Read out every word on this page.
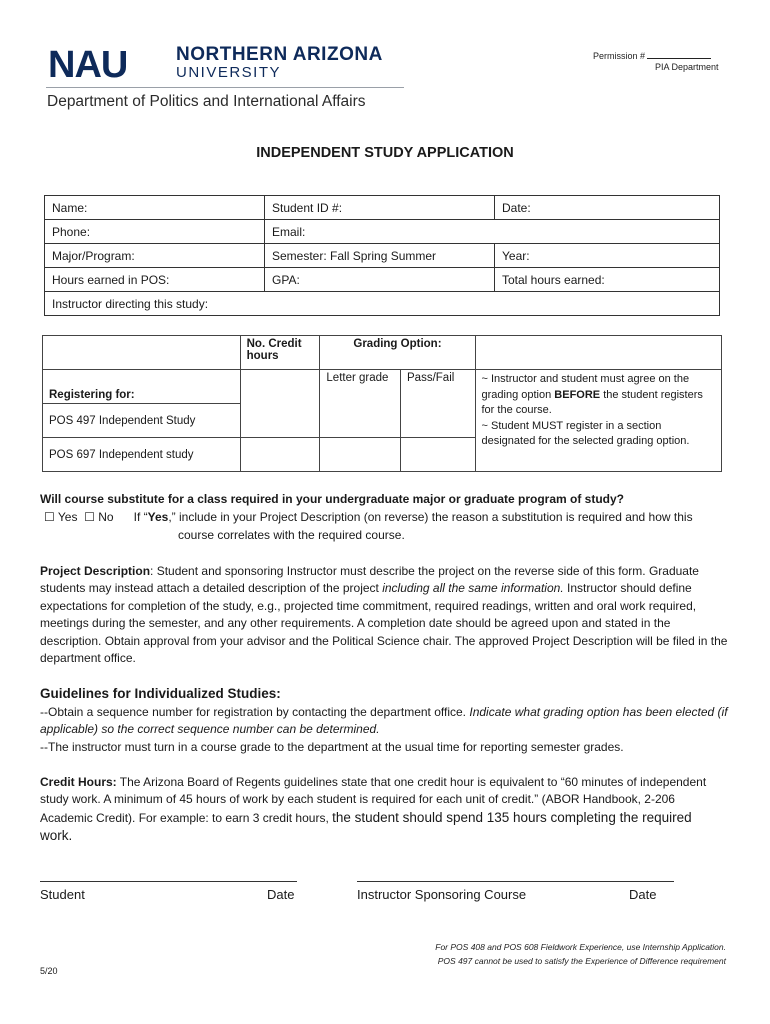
NAU	NORTHERN ARIZONA
UNIVERSITY
Department of Politics and International Affairs
Permission #
PIA Department
INDEPENDENT STUDY APPLICATION
Name:	Student ID #:	Date:
Phone:	Email:	
Major/Program:	Semester: Fall Spring Summer	Year:
Hours earned in POS:	GPA:	Total hours earned:
Instructor directing this study:		
	No. Credit hours	Grading Option:		
Registering for:		Letter grade	Pass/Fail	~ Instructor and student must agree on the grading option BEFORE the student registers for the course.
~ Student MUST register in a section designated for the selected grading option.
POS 497 Independent Study				
POS 697 Independent study				
Will course substitute for a class required in your undergraduate major or graduate program of study?
☐ Yes ☐ No If “Yes,” include in your Project Description (on reverse) the reason a substitution is required and how this
course correlates with the required course.
Project Description: Student and sponsoring Instructor must describe the project on the reverse side of this form. Graduate students may instead attach a detailed description of the project including all the same information. Instructor should define expectations for completion of the study, e.g., projected time commitment, required readings, written and oral work required, meetings during the semester, and any other requirements. A completion date should be agreed upon and stated in the description. Obtain approval from your advisor and the Political Science chair. The approved Project Description will be filed in the department office.
Guidelines for Individualized Studies:
--Obtain a sequence number for registration by contacting the department office. Indicate what grading option has been elected (if applicable) so the correct sequence number can be determined.
--The instructor must turn in a course grade to the department at the usual time for reporting semester grades.
Credit Hours: The Arizona Board of Regents guidelines state that one credit hour is equivalent to “60 minutes of independent study work. A minimum of 45 hours of work by each student is required for each unit of credit.” (ABOR Handbook, 2-206 Academic Credit). For example: to earn 3 credit hours, the student should spend 135 hours completing the required work.
Student	Date	Instructor Sponsoring Course	Date
For POS 408 and POS 608 Fieldwork Experience, use Internship Application.
POS 497 cannot be used to satisfy the Experience of Difference requirement
5/20
